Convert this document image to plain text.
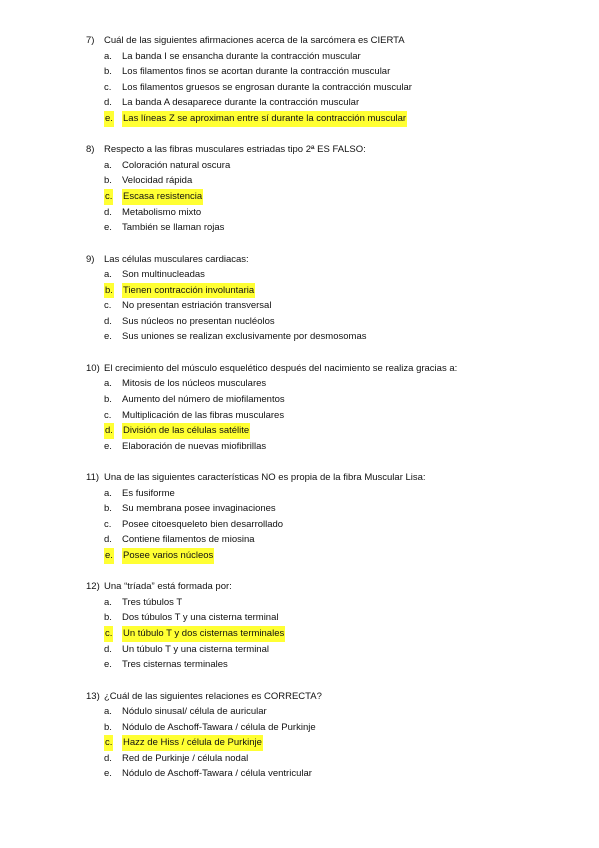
7) Cuál de las siguientes afirmaciones acerca de la sarcómera es CIERTA
a. La banda I se ensancha durante la contracción muscular
b. Los filamentos finos se acortan durante la contracción muscular
c. Los filamentos gruesos se engrosan durante la contracción muscular
d. La banda A desaparece durante la contracción muscular
e. Las líneas Z se aproximan entre sí durante la contracción muscular
8) Respecto a las fibras musculares estriadas tipo 2ª ES FALSO:
a. Coloración natural oscura
b. Velocidad rápida
c. Escasa resistencia
d. Metabolismo mixto
e. También se llaman rojas
9) Las células musculares cardiacas:
a. Son multinucleadas
b. Tienen contracción involuntaria
c. No presentan estriación transversal
d. Sus núcleos no presentan nucléolos
e. Sus uniones se realizan exclusivamente por desmosomas
10) El crecimiento del músculo esquelético después del nacimiento se realiza gracias a:
a. Mitosis de los núcleos musculares
b. Aumento del número de miofilamentos
c. Multiplicación de las fibras musculares
d. División de las células satélite
e. Elaboración de nuevas miofibrillas
11) Una de las siguientes características NO es propia de la fibra Muscular Lisa:
a. Es fusiforme
b. Su membrana posee invaginaciones
c. Posee citoesqueleto bien desarrollado
d. Contiene filamentos de miosina
e. Posee varios núcleos
12) Una “tríada” está formada por:
a. Tres túbulos T
b. Dos túbulos T y una cisterna terminal
c. Un túbulo T y dos cisternas terminales
d. Un túbulo T y una cisterna terminal
e. Tres cisternas terminales
13) ¿Cuál de las siguientes relaciones es CORRECTA?
a. Nódulo sinusal/ célula de auricular
b. Nódulo de Aschoff-Tawara / célula de Purkinje
c. Hazz de Hiss / célula de Purkinje
d. Red de Purkinje / célula nodal
e. Nódulo de Aschoff-Tawara / célula ventricular
